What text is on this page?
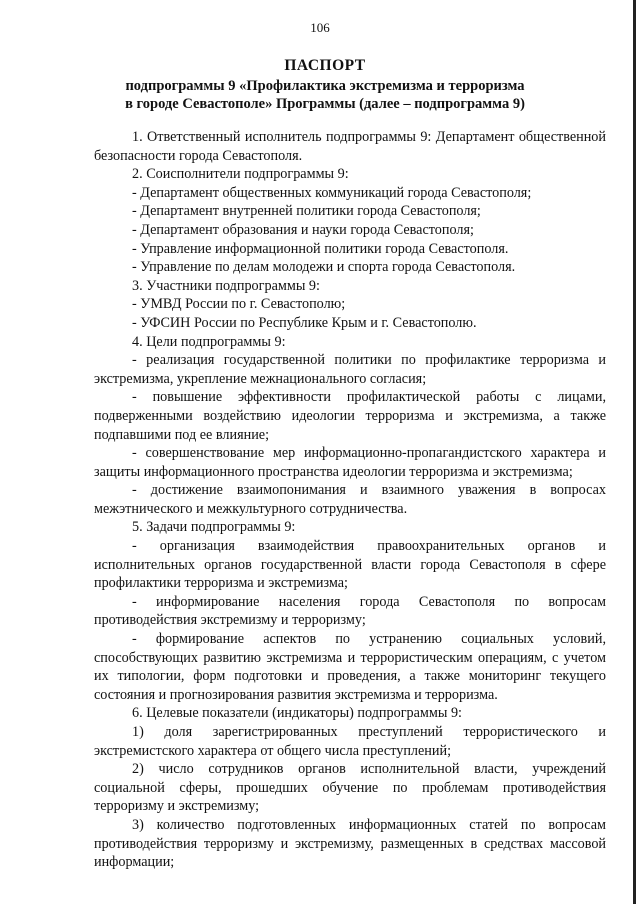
106
ПАСПОРТ
подпрограммы 9 «Профилактика экстремизма и терроризма
в городе Севастополе» Программы (далее – подпрограмма 9)

1. Ответственный исполнитель подпрограммы 9: Департамент общественной безопасности города Севастополя.

2. Соисполнители подпрограммы 9:

- Департамент общественных коммуникаций города Севастополя;

- Департамент внутренней политики города Севастополя;

- Департамент образования и науки города Севастополя;

- Управление информационной политики города Севастополя.

- Управление по делам молодежи и спорта города Севастополя.

3. Участники подпрограммы 9:

- УМВД России по г. Севастополю;

- УФСИН России по Республике Крым и г. Севастополю.

4. Цели подпрограммы 9:

- реализация государственной политики по профилактике терроризма и экстремизма, укрепление межнационального согласия;

- повышение эффективности профилактической работы с лицами, подверженными воздействию идеологии терроризма и экстремизма, а также подпавшими под ее влияние;

- совершенствование мер информационно-пропагандистского характера и защиты информационного пространства идеологии терроризма и экстремизма;

- достижение взаимопонимания и взаимного уважения в вопросах межэтнического и межкультурного сотрудничества.

5. Задачи подпрограммы 9:

- организация взаимодействия правоохранительных органов и исполнительных органов государственной власти города Севастополя в сфере профилактики терроризма и экстремизма;

- информирование населения города Севастополя по вопросам противодействия экстремизму и терроризму;

- формирование аспектов по устранению социальных условий, способствующих развитию экстремизма и террористическим операциям, с учетом их типологии, форм подготовки и проведения, а также мониторинг текущего состояния и прогнозирования развития экстремизма и терроризма.

6. Целевые показатели (индикаторы) подпрограммы 9:

1) доля зарегистрированных преступлений террористического и экстремистского характера от общего числа преступлений;

2) число сотрудников органов исполнительной власти, учреждений социальной сферы, прошедших обучение по проблемам противодействия терроризму и экстремизму;

3) количество подготовленных информационных статей по вопросам противодействия терроризму и экстремизму, размещенных в средствах массовой информации;
